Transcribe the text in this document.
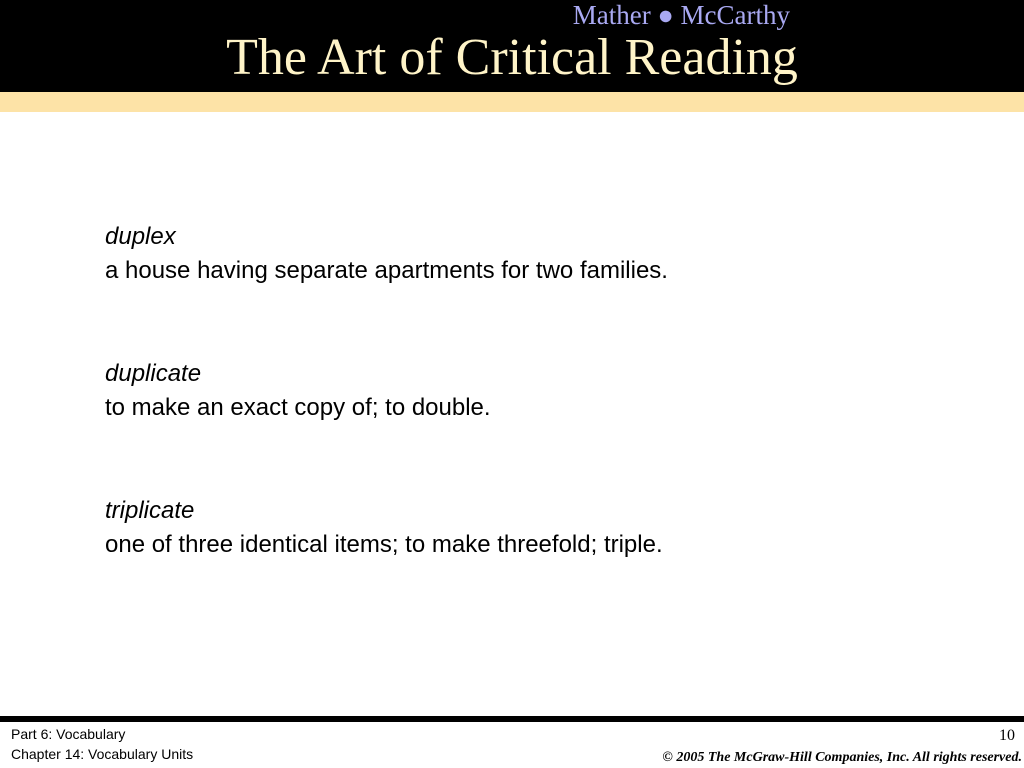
Mather ● McCarthy
The Art of Critical Reading
duplex
a house having separate apartments for two families.
duplicate
to make an exact copy of; to double.
triplicate
one of three identical items; to make threefold; triple.
Part 6: Vocabulary
Chapter 14: Vocabulary Units
10
© 2005 The McGraw-Hill Companies, Inc. All rights reserved.
